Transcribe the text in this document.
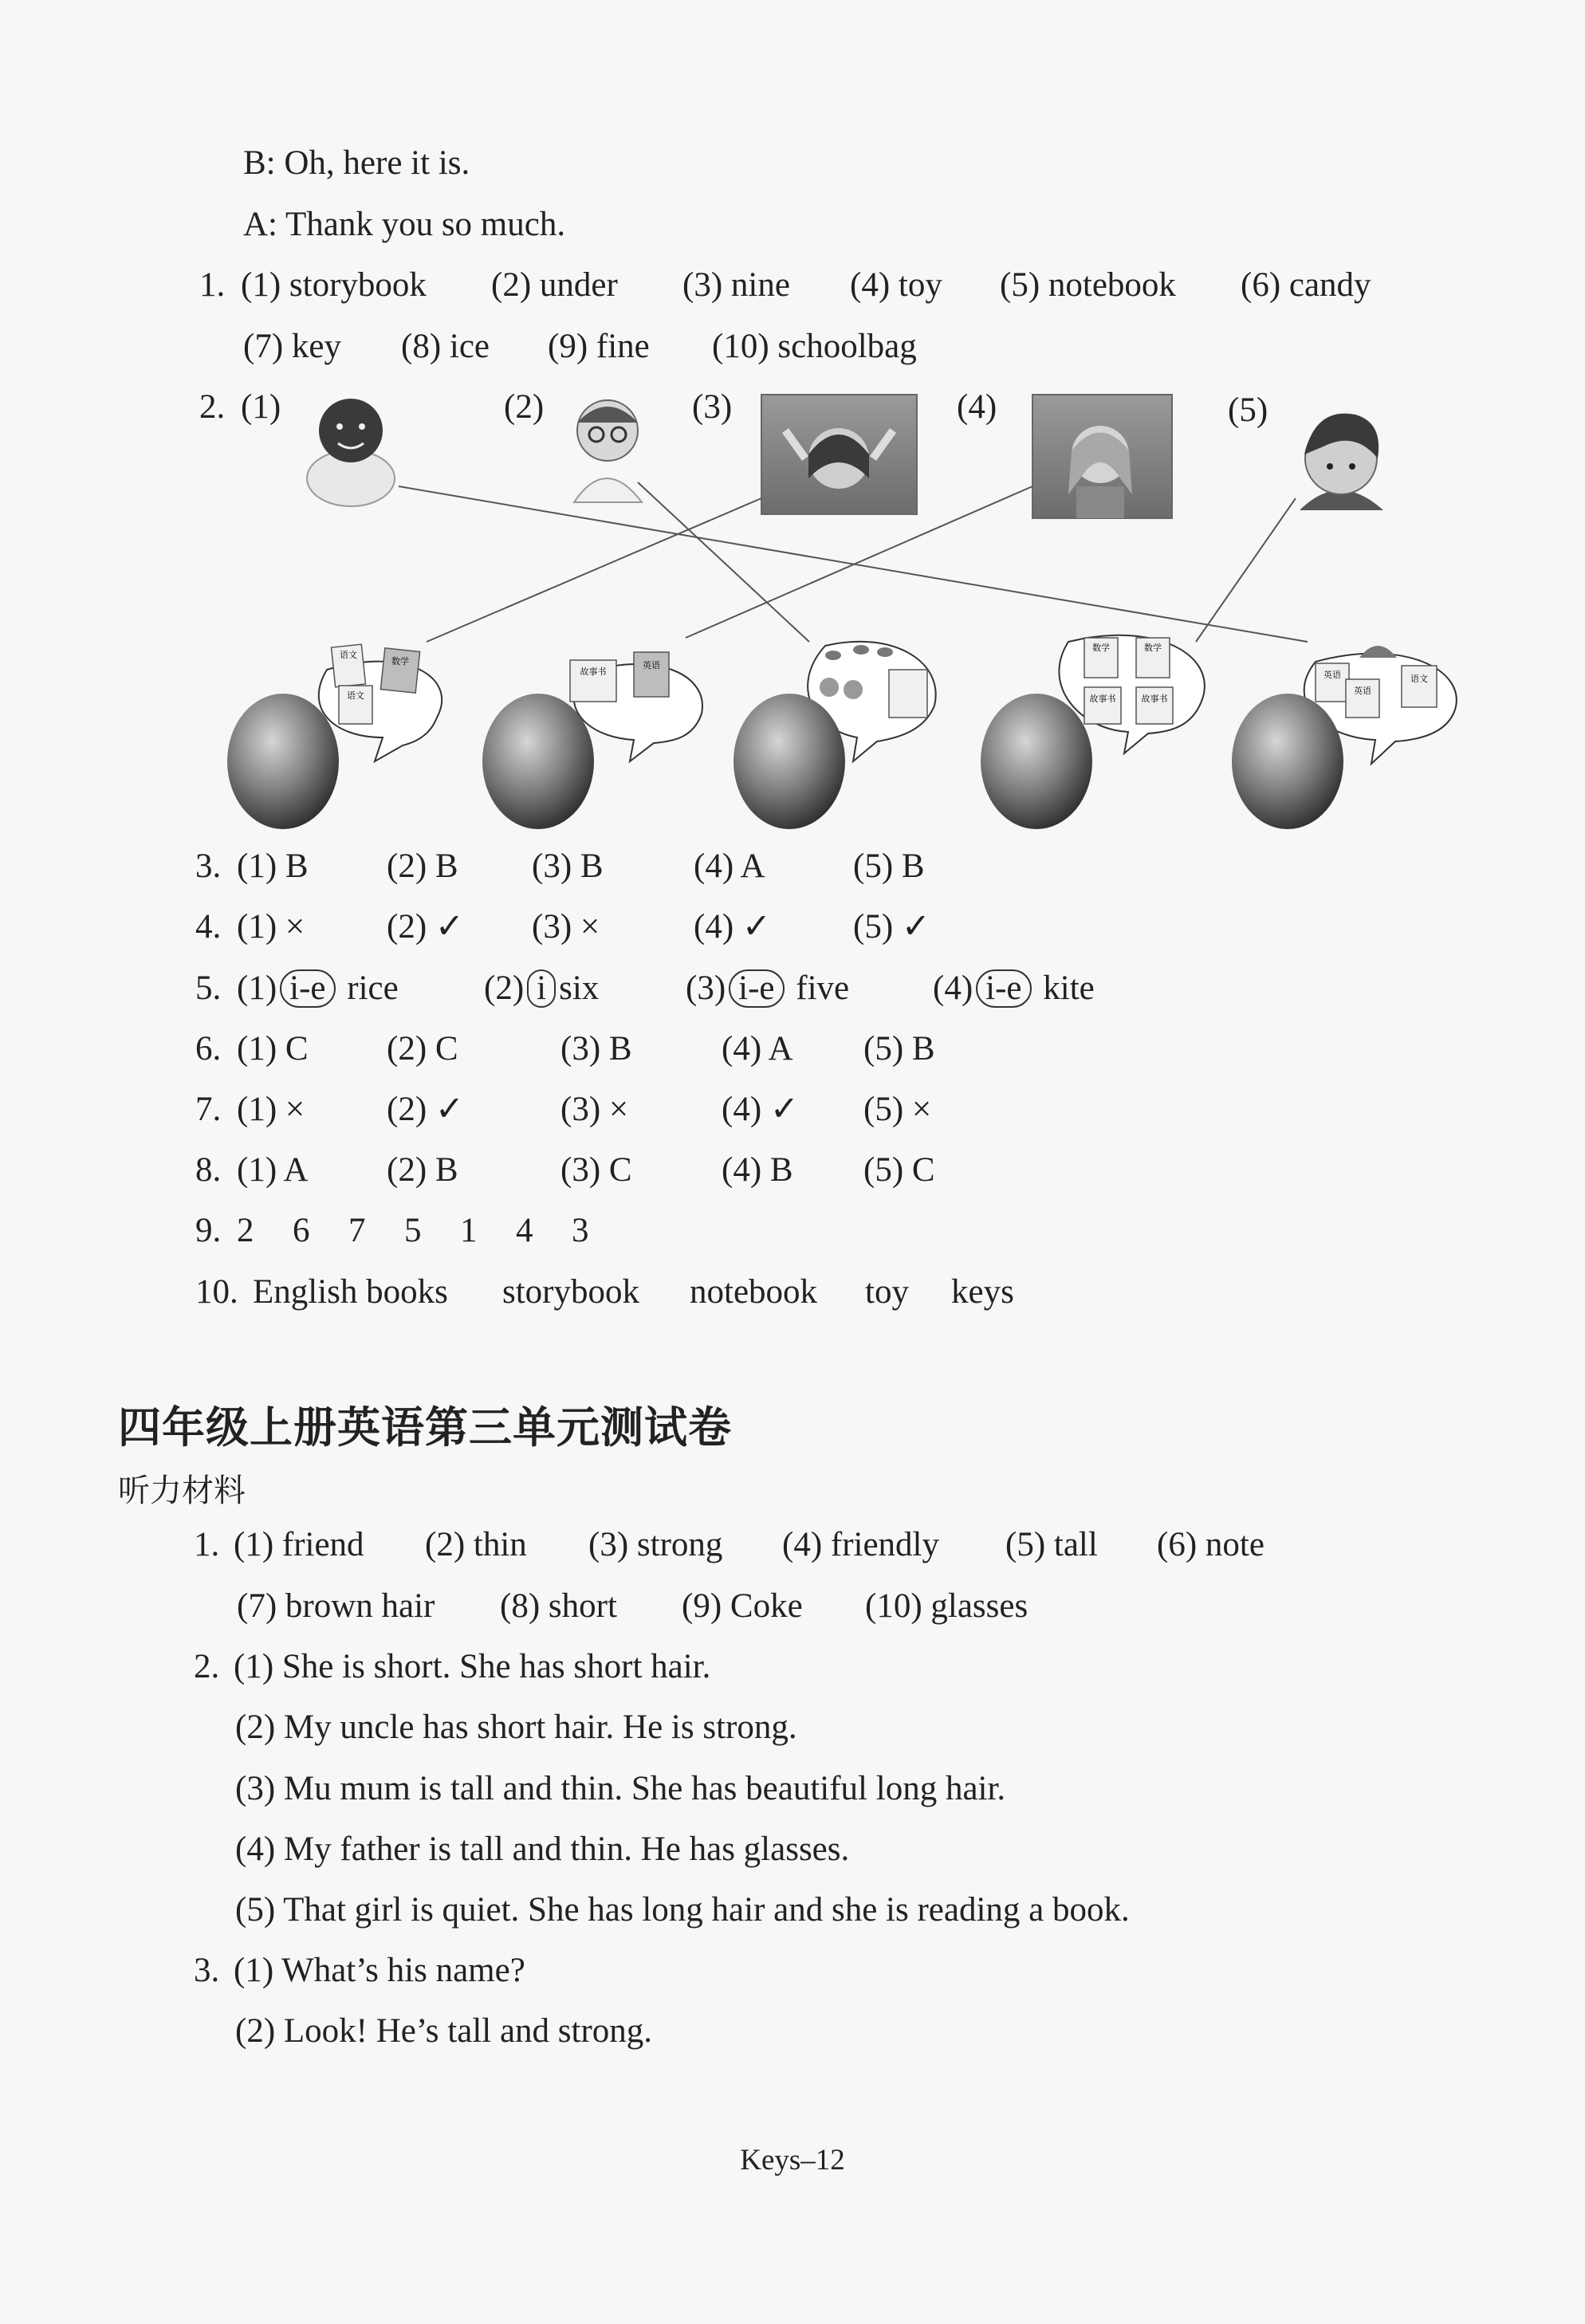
B: Oh, here it is.
A: Thank you so much.
1. (1) storybook (2) under (3) nine (4) toy (5) notebook (6) candy
(7) key (8) ice (9) fine (10) schoolbag
2. (1)	(2)	(3)	(4)	(5)
语文
数学
语文
故事书
英语
数学	数学
故事书	故事书
英语
英语
语文
3. (1) B (2) B (3) B	(4) A	(5) B
4. (1) × (2) ✓ (3) ×	(4) ✓ (5) ✓
5. (1) i-e rice (2) i six	(3) i-e five (4) i-e kite
6. (1) C (2) C	(3) B	(4) A (5) B
7. (1) × (2) ✓	(3) ×	(4) ✓ (5) ×
8. (1) A (2) B	(3) C	(4) B (5) C
9. 2 6 7 5 1 4 3
10. English books storybook notebook toy keys
四年级上册英语第三单元测试卷
听力材料
1. (1) friend (2) thin (3) strong (4) friendly (5) tall (6) note
(7) brown hair (8) short (9) Coke (10) glasses
2. (1) She is short. She has short hair.
(2) My uncle has short hair. He is strong.
(3) Mu mum is tall and thin. She has beautiful long hair.
(4) My father is tall and thin. He has glasses.
(5) That girl is quiet. She has long hair and she is reading a book.
3. (1) What’s his name?
(2) Look! He’s tall and strong.
Keys–12
